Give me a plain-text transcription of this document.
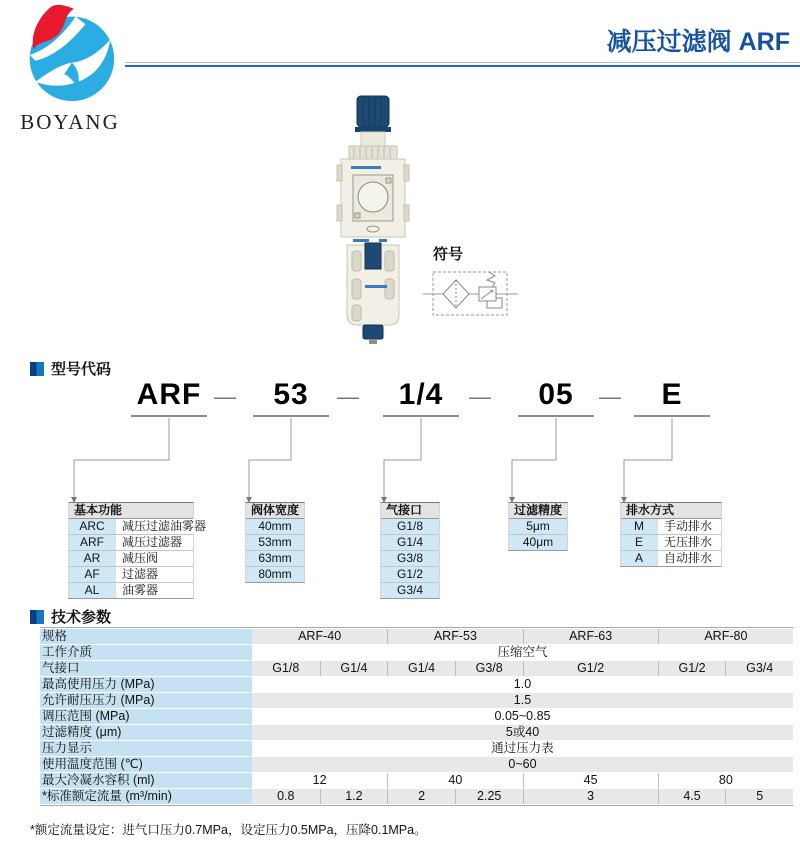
BOYANG
减压过滤阀 ARF
符号
型号代码
ARF —	53	—	1/4	—	05	—	E
基本功能
ARC	减压过滤油雾器
ARF	减压过滤器
AR	减压阀
AF	过滤器
AL	油雾器
阀体宽度
40mm
53mm
63mm
80mm
气接口
G1/8
G1/4
G3/8
G1/2
G3/4
过滤精度
5μm
40μm
排水方式
M	手动排水
E	无压排水
A	自动排水
技术参数
规格	ARF-40		ARF-53		ARF-63	ARF-80	
工作介质	压缩空气						
气接口	G1/8	G1/4	G1/4	G3/8	G1/2	G1/2	G3/4
最高使用压力 (MPa)	1.0						
允许耐压压力 (MPa)	1.5						
调压范围 (MPa)	0.05~0.85						
过滤精度 (μm)	5或40						
压力显示	通过压力表						
使用温度范围 (℃)	0~60						
最大冷凝水容积 (ml)	12		40		45	80	
*标准额定流量 (m³/min)	0.8	1.2	2	2.25	3	4.5	5
*额定流量设定：进气口压力0.7MPa，设定压力0.5MPa，压降0.1MPa。
